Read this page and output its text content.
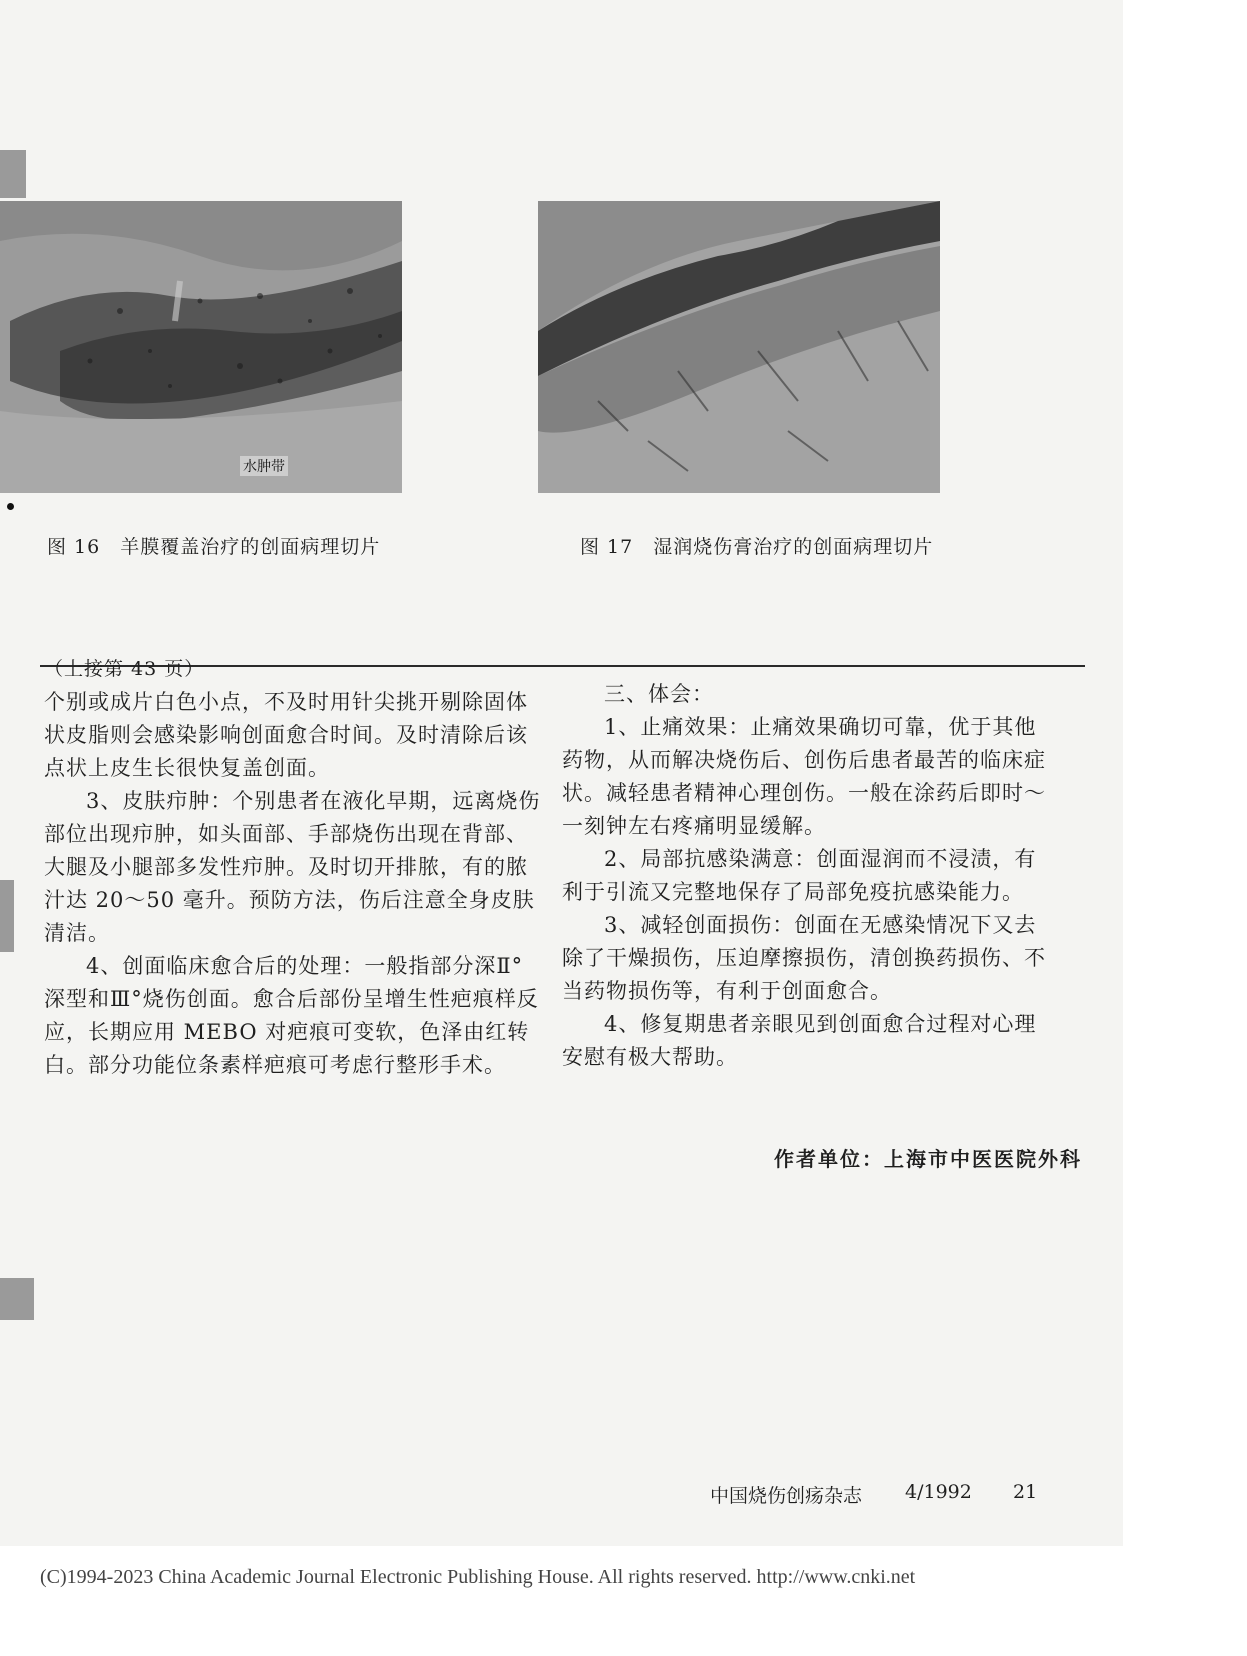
水肿带
图 16　羊膜覆盖治疗的创面病理切片	图 17　湿润烧伤膏治疗的创面病理切片

（上接第 43 页）

个别或成片白色小点，不及时用针尖挑开剔除固体状皮脂则会感染影响创面愈合时间。及时清除后该点状上皮生长很快复盖创面。

3、皮肤疖肿：个别患者在液化早期，远离烧伤部位出现疖肿，如头面部、手部烧伤出现在背部、大腿及小腿部多发性疖肿。及时切开排脓，有的脓汁达 20～50 毫升。预防方法，伤后注意全身皮肤清洁。

4、创面临床愈合后的处理：一般指部分深Ⅱ°深型和Ⅲ°烧伤创面。愈合后部份呈增生性疤痕样反应，长期应用 MEBO 对疤痕可变软，色泽由红转白。部分功能位条素样疤痕可考虑行整形手术。

三、体会：

1、止痛效果：止痛效果确切可靠，优于其他药物，从而解决烧伤后、创伤后患者最苦的临床症状。减轻患者精神心理创伤。一般在涂药后即时～一刻钟左右疼痛明显缓解。

2、局部抗感染满意：创面湿润而不浸渍，有利于引流又完整地保存了局部免疫抗感染能力。

3、减轻创面损伤：创面在无感染情况下又去除了干燥损伤，压迫摩擦损伤，清创换药损伤、不当药物损伤等，有利于创面愈合。

4、修复期患者亲眼见到创面愈合过程对心理安慰有极大帮助。

作者单位：上海市中医医院外科
中国烧伤创疡杂志 4/1992 21
(C)1994-2023 China Academic Journal Electronic Publishing House. All rights reserved. http://www.cnki.net
